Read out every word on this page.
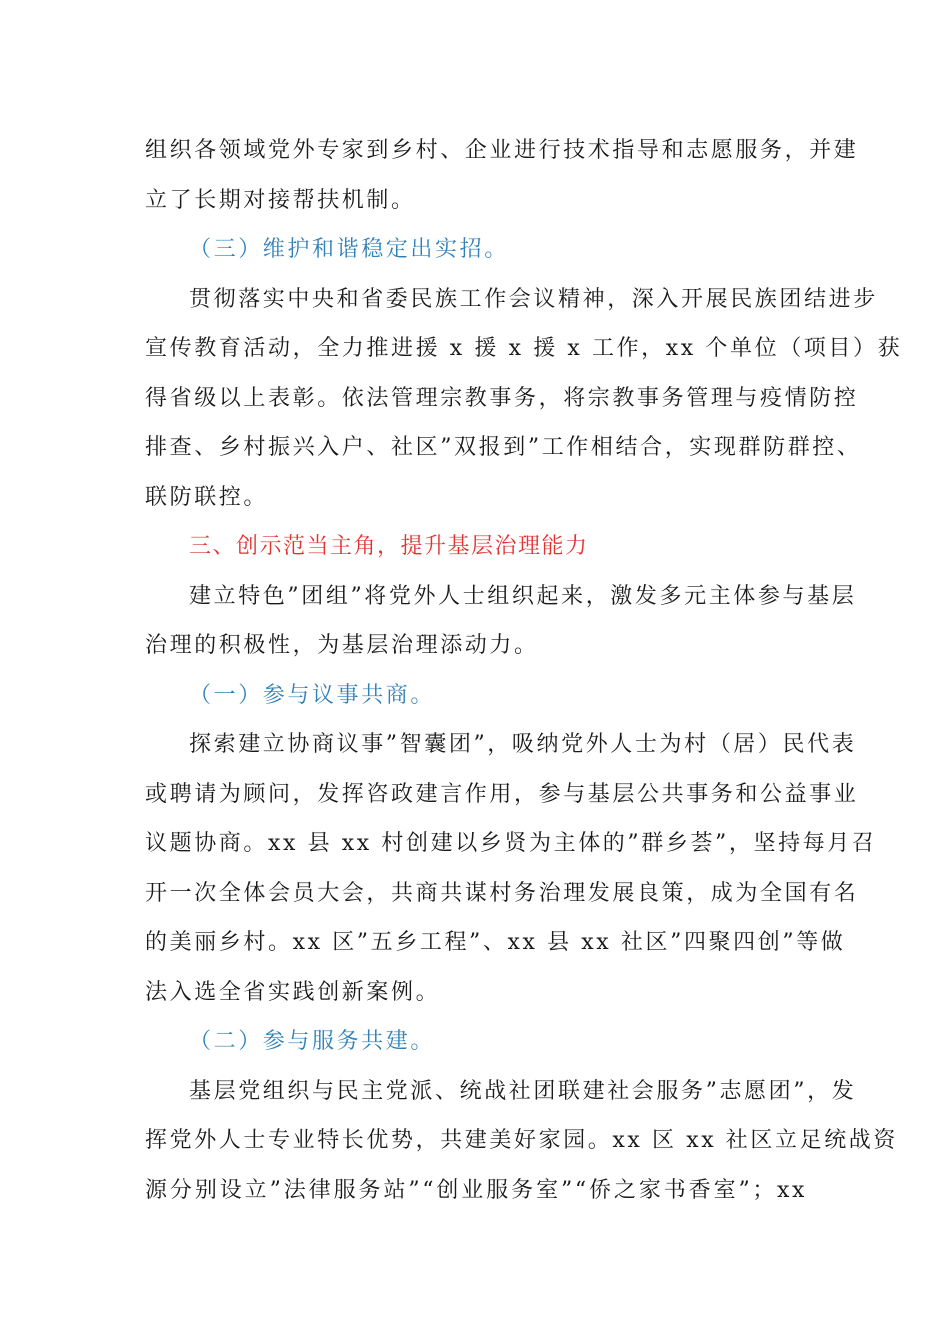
组织各领域党外专家到乡村、企业进行技术指导和志愿服务，并建
立了长期对接帮扶机制。
（三）维护和谐稳定出实招。
贯彻落实中央和省委民族工作会议精神，深入开展民族团结进步
宣传教育活动，全力推进援 x 援 x 援 x 工作，xx 个单位（项目）获
得省级以上表彰。依法管理宗教事务，将宗教事务管理与疫情防控
排查、乡村振兴入户、社区”双报到”工作相结合，实现群防群控、
联防联控。
三、创示范当主角，提升基层治理能力
建立特色”团组”将党外人士组织起来，激发多元主体参与基层
治理的积极性，为基层治理添动力。
（一）参与议事共商。
探索建立协商议事”智囊团”，吸纳党外人士为村（居）民代表
或聘请为顾问，发挥咨政建言作用，参与基层公共事务和公益事业
议题协商。xx 县 xx 村创建以乡贤为主体的”群乡荟”，坚持每月召
开一次全体会员大会，共商共谋村务治理发展良策，成为全国有名
的美丽乡村。xx 区”五乡工程”、xx 县 xx 社区”四聚四创”等做
法入选全省实践创新案例。
（二）参与服务共建。
基层党组织与民主党派、统战社团联建社会服务”志愿团”，发
挥党外人士专业特长优势，共建美好家园。xx 区 xx 社区立足统战资
源分别设立”法律服务站”“创业服务室”“侨之家书香室”；xx
